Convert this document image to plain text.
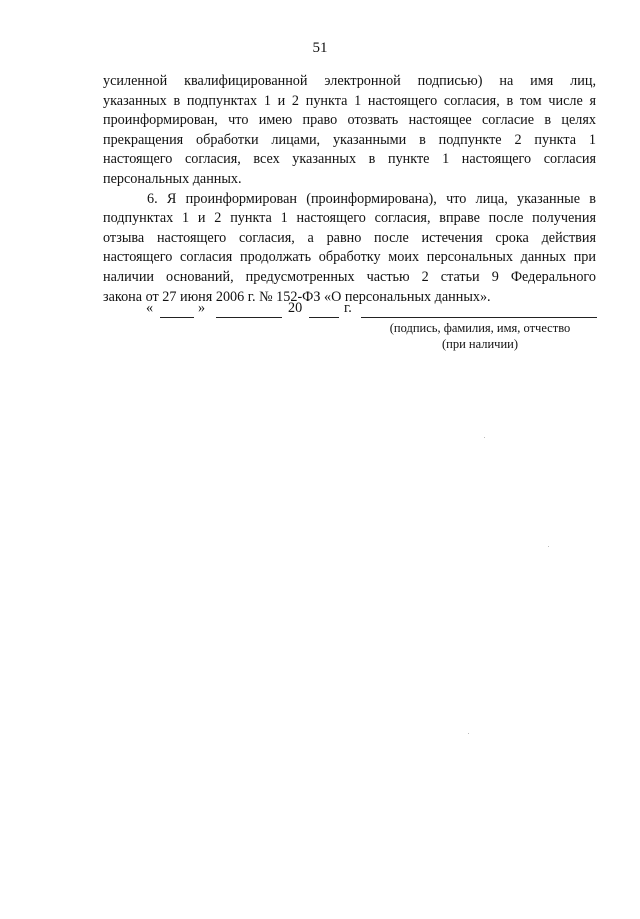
51
усиленной квалифицированной электронной подписью) на имя лиц,
указанных в подпунктах 1 и 2 пункта 1 настоящего согласия, в том числе я
проинформирован, что имею право отозвать настоящее согласие в целях
прекращения обработки лицами, указанными в подпункте 2 пункта 1
настоящего согласия, всех указанных в пункте 1 настоящего согласия
персональных данных.
6. Я проинформирован (проинформирована), что лица, указанные в
подпунктах 1 и 2 пункта 1 настоящего согласия, вправе после получения
отзыва настоящего согласия, а равно после истечения срока действия
настоящего согласия продолжать обработку моих персональных данных при
наличии оснований, предусмотренных частью 2 статьи 9 Федерального
закона от 27 июня 2006 г. № 152-ФЗ «О персональных данных».
«	»	20	г.
(подпись, фамилия, имя, отчество
(при наличии)
